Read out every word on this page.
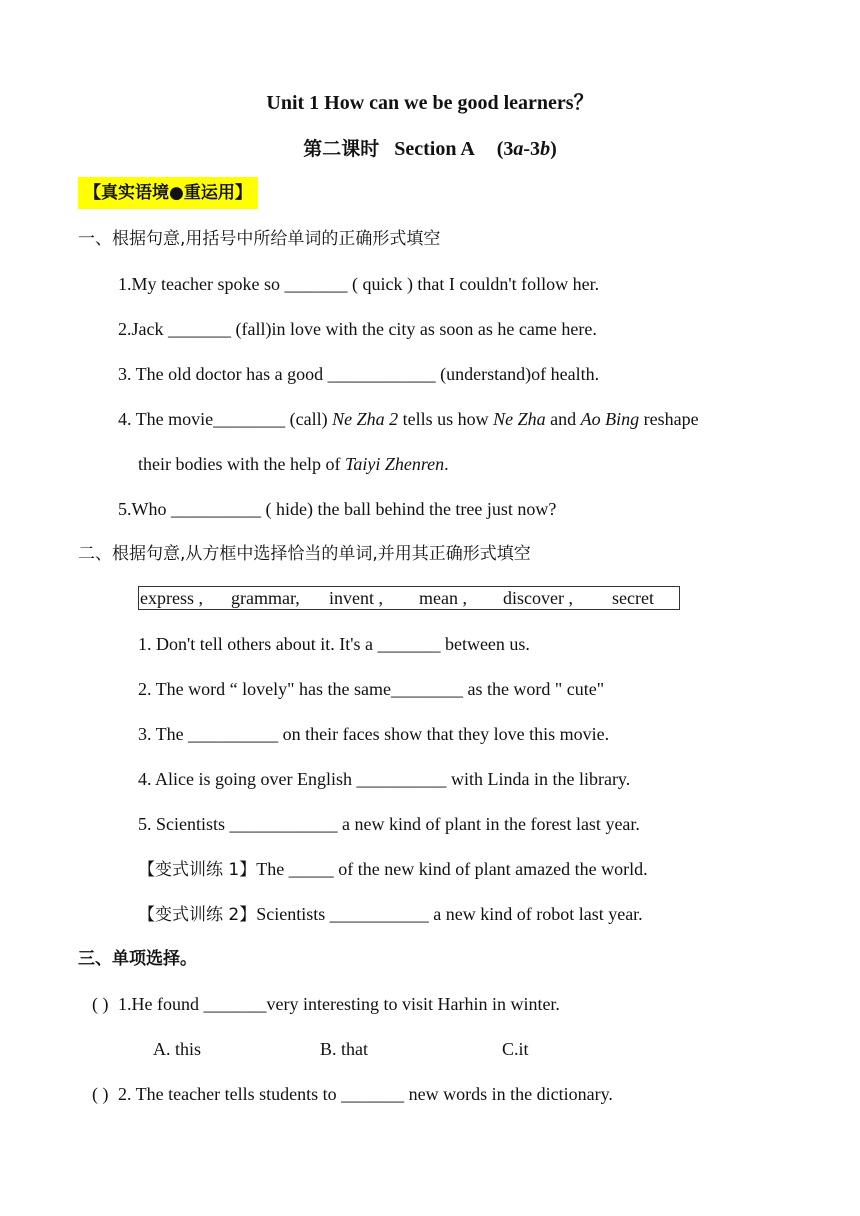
Unit 1 How can we be good learners？
第二课时 Section A (3a-3b)
【真实语境●重运用】
一、根据句意,用括号中所给单词的正确形式填空
1.My teacher spoke so _______ ( quick ) that I couldn't follow her.
2.Jack _______ (fall)in love with the city as soon as he came here.
3. The old doctor has a good ____________ (understand)of health.
4. The movie________ (call) Ne Zha 2 tells us how Ne Zha and Ao Bing reshape
their bodies with the help of Taiyi Zhenren.
5.Who __________ ( hide) the ball behind the tree just now?
二、根据句意,从方框中选择恰当的单词,并用其正确形式填空
express , grammar, invent , mean , discover , secret
1. Don't tell others about it. It's a _______ between us.
2. The word “ lovely" has the same________ as the word " cute"
3. The __________ on their faces show that they love this movie.
4. Alice is going over English __________ with Linda in the library.
5. Scientists ____________ a new kind of plant in the forest last year.
【变式训练 1】The _____ of the new kind of plant amazed the world.
【变式训练 2】Scientists ___________ a new kind of robot last year.
三、单项选择。
( ) 1.He found _______very interesting to visit Harhin in winter.
A. this	B. that	C.it
( ) 2. The teacher tells students to _______ new words in the dictionary.
